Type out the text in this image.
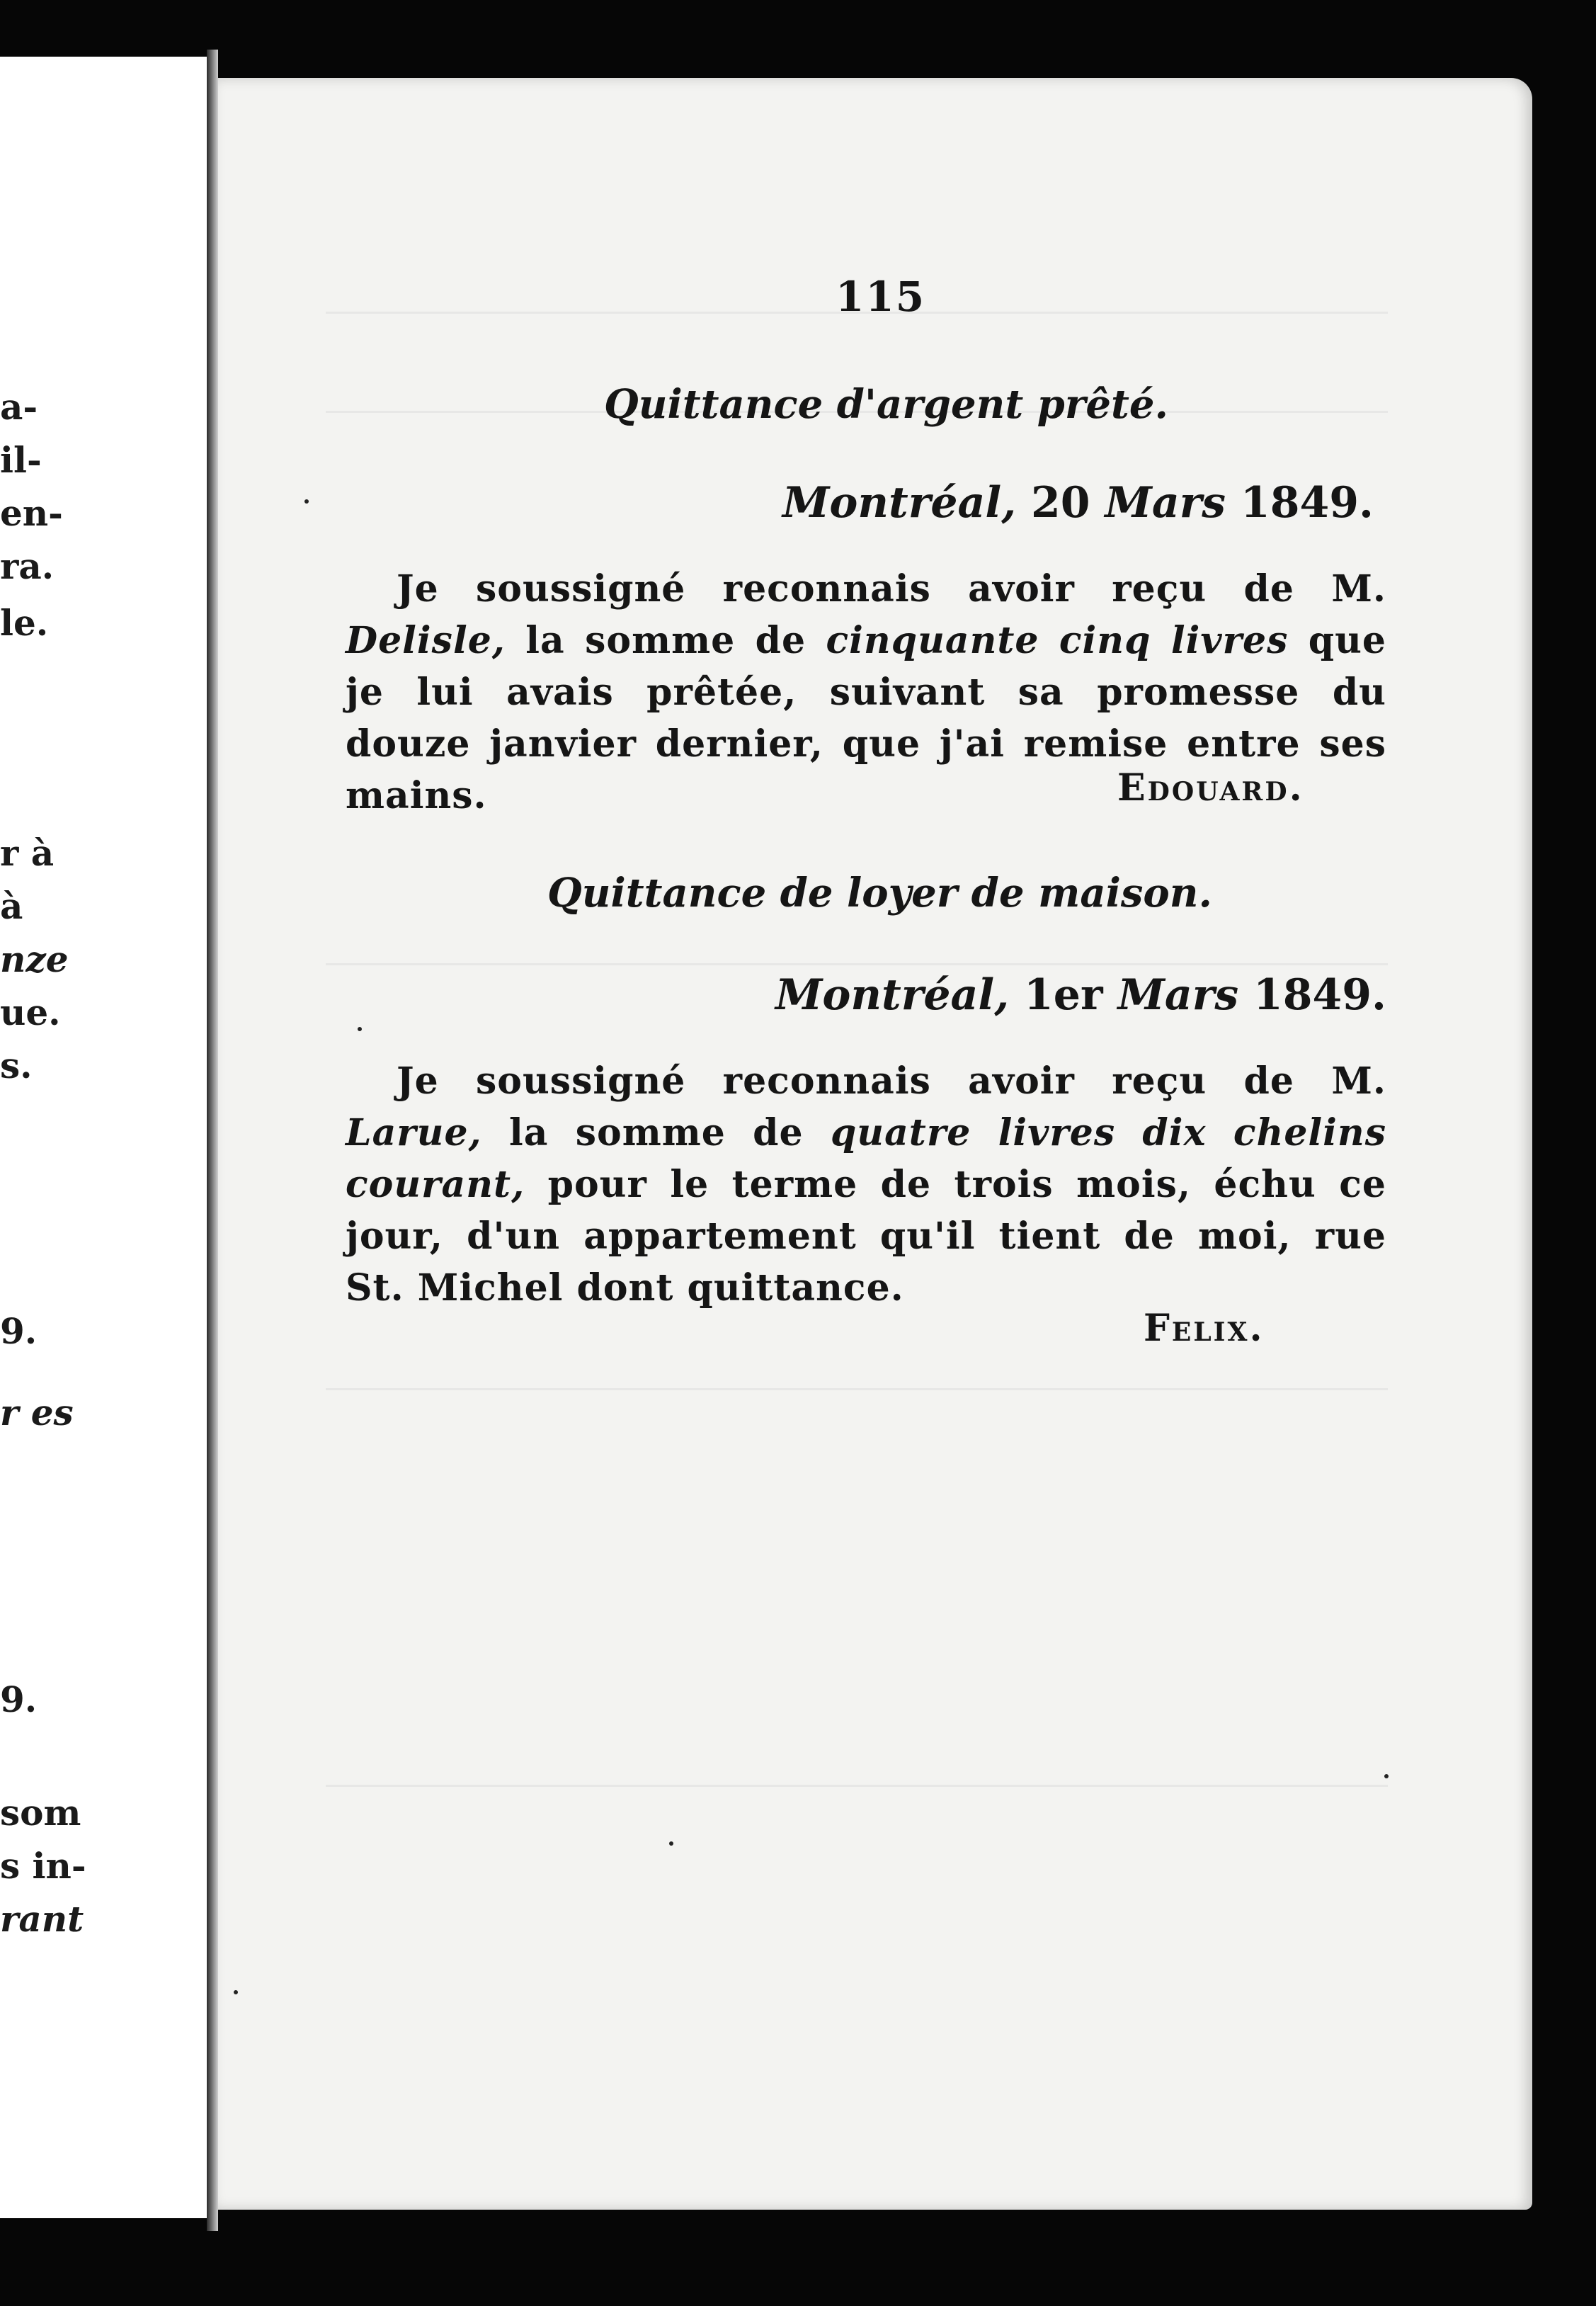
a-
il-
en-
ra.
le.
r à
à
nze
ue.
s.
9.
r es
9.
som
s in-
rant
115
Quittance d'argent prêté.
Montréal, 20 Mars 1849.
Je soussigné reconnais avoir reçu de M. Delisle, la somme de cinquante cinq livres que je lui avais prêtée, suivant sa promesse du douze janvier dernier, que j'ai remise entre ses mains.	Edouard.
Quittance de loyer de maison.
Montréal, 1er Mars 1849.
Je soussigné reconnais avoir reçu de M. Larue, la somme de quatre livres dix chelins courant, pour le terme de trois mois, échu ce jour, d'un appartement qu'il tient de moi, rue St. Michel dont quittance.
Felix.
